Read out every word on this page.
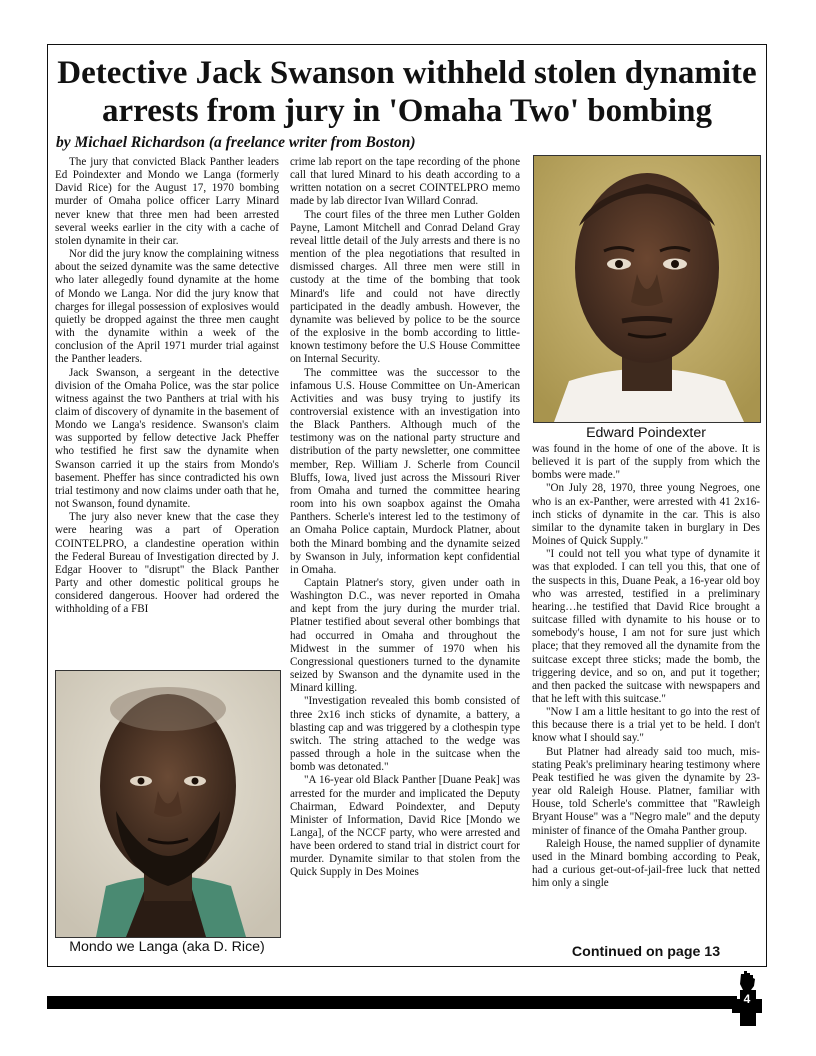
Detective Jack Swanson withheld stolen dynamite arrests from jury in 'Omaha Two' bombing

by Michael Richardson (a freelance writer from Boston)

The jury that convicted Black Panther leaders Ed Poindexter and Mondo we Langa (formerly David Rice) for the August 17, 1970 bombing murder of Omaha police officer Larry Minard never knew that three men had been arrested several weeks earlier in the city with a cache of stolen dynamite in their car.

Nor did the jury know the complaining witness about the seized dynamite was the same detective who later allegedly found dynamite at the home of Mondo we Langa. Nor did the jury know that charges for illegal possession of explosives would quietly be dropped against the three men caught with the dynamite within a week of the conclusion of the April 1971 murder trial against the Panther leaders.

Jack Swanson, a sergeant in the detective division of the Omaha Police, was the star police witness against the two Panthers at trial with his claim of discovery of dynamite in the basement of Mondo we Langa's residence. Swanson's claim was supported by fellow detective Jack Pheffer who testified he first saw the dynamite when Swanson carried it up the stairs from Mondo's basement. Pheffer has since contradicted his own trial testimony and now claims under oath that he, not Swanson, found dynamite.

The jury also never knew that the case they were hearing was a part of Operation COINTELPRO, a clandestine operation within the Federal Bureau of Investigation directed by J. Edgar Hoover to "disrupt" the Black Panther Party and other domestic political groups he considered dangerous. Hoover had ordered the withholding of a FBI

crime lab report on the tape recording of the phone call that lured Minard to his death according to a written notation on a secret COINTELPRO memo made by lab director Ivan Willard Conrad.

The court files of the three men Luther Golden Payne, Lamont Mitchell and Conrad Deland Gray reveal little detail of the July arrests and there is no mention of the plea negotiations that resulted in dismissed charges. All three men were still in custody at the time of the bombing that took Minard's life and could not have directly participated in the deadly ambush. However, the dynamite was believed by police to be the source of the explosive in the bomb according to little-known testimony before the U.S House Committee on Internal Security.

The committee was the successor to the infamous U.S. House Committee on Un-American Activities and was busy trying to justify its controversial existence with an investigation into the Black Panthers. Although much of the testimony was on the national party structure and distribution of the party newsletter, one committee member, Rep. William J. Scherle from Council Bluffs, Iowa, lived just across the Missouri River from Omaha and turned the committee hearing room into his own soapbox against the Omaha Panthers. Scherle's interest led to the testimony of an Omaha Police captain, Murdock Platner, about both the Minard bombing and the dynamite seized by Swanson in July, information kept confidential in Omaha.

Captain Platner's story, given under oath in Washington D.C., was never reported in Omaha and kept from the jury during the murder trial. Platner testified about several other bombings that had occurred in Omaha and throughout the Midwest in the summer of 1970 when his Congressional questioners turned to the dynamite seized by Swanson and the dynamite used in the Minard killing.

"Investigation revealed this bomb consisted of three 2x16 inch sticks of dynamite, a battery, a blasting cap and was triggered by a clothespin type switch. The string attached to the wedge was passed through a hole in the suitcase when the bomb was detonated."

"A 16-year old Black Panther [Duane Peak] was arrested for the murder and implicated the Deputy Chairman, Edward Poindexter, and Deputy Minister of Information, David Rice [Mondo we Langa], of the NCCF party, who were arrested and have been ordered to stand trial in district court for murder. Dynamite similar to that stolen from the Quick Supply in Des Moines

was found in the home of one of the above. It is believed it is part of the supply from which the bombs were made."

"On July 28, 1970, three young Negroes, one who is an ex-Panther, were arrested with 41 2x16-inch sticks of dynamite in the car. This is also similar to the dynamite taken in burglary in Des Moines of Quick Supply."

"I could not tell you what type of dynamite it was that exploded. I can tell you this, that one of the suspects in this, Duane Peak, a 16-year old boy who was arrested, testified in a preliminary hearing…he testified that David Rice brought a suitcase filled with dynamite to his house or to somebody's house, I am not for sure just which place; that they removed all the dynamite from the suitcase except three sticks; made the bomb, the triggering device, and so on, and put it together; and then packed the suitcase with newspapers and that he left with this suitcase."

"Now I am a little hesitant to go into the rest of this because there is a trial yet to be held. I don't know what I should say."

But Platner had already said too much, mis-stating Peak's preliminary hearing testimony where Peak testified he was given the dynamite by 23-year old Raleigh House. Platner, familiar with House, told Scherle's committee that "Rawleigh Bryant House" was a "Negro male" and the deputy minister of finance of the Omaha Panther group.

Raleigh House, the named supplier of dynamite used in the Minard bombing according to Peak, had a curious get-out-of-jail-free luck that netted him only a single

Mondo we Langa (aka D. Rice)
Edward Poindexter
Continued on page 13
4
